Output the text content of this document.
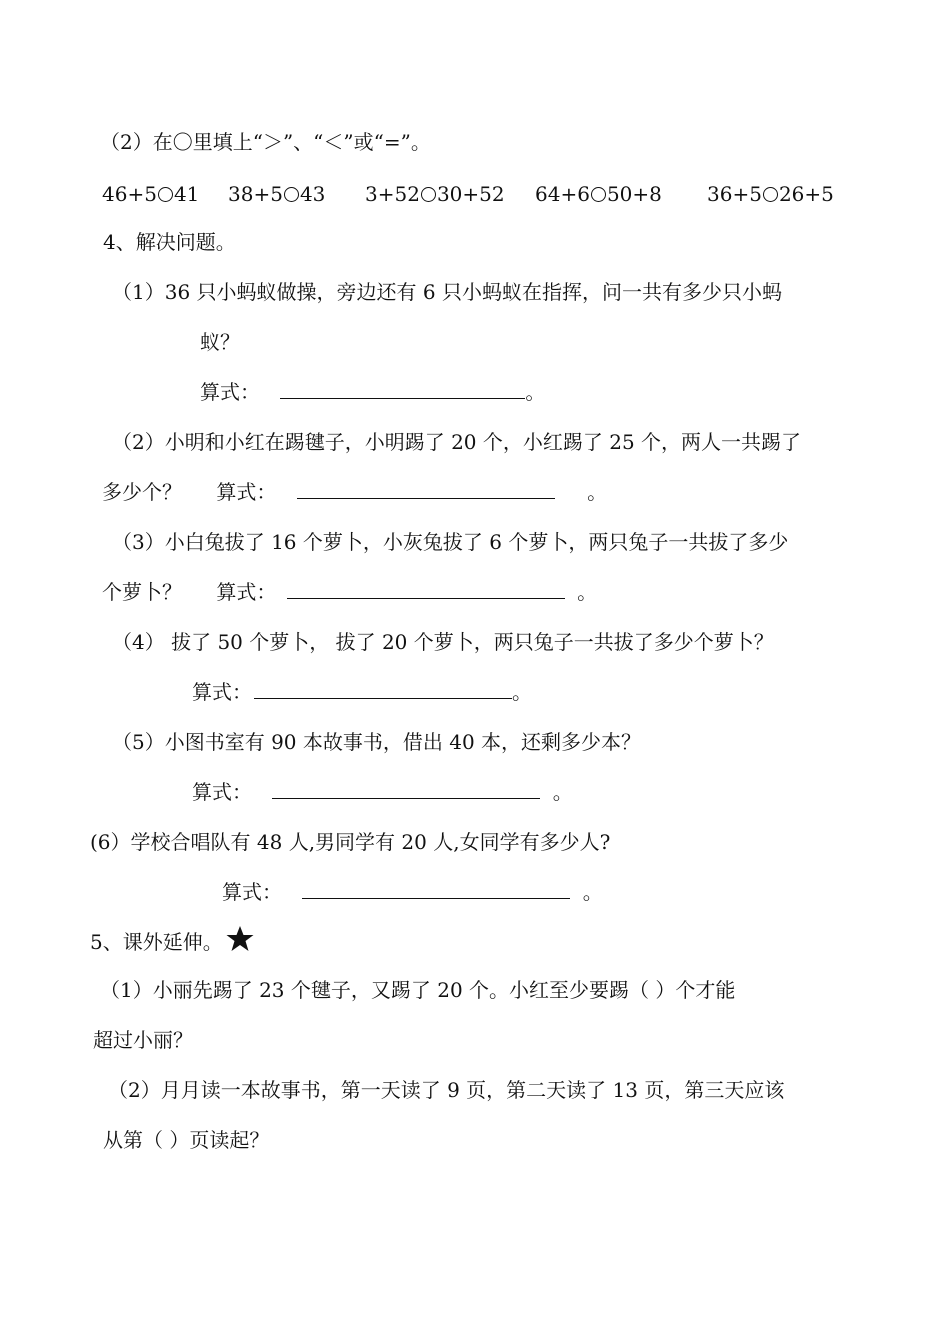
（2）在〇里填上“＞”、“＜”或“=”。
46+5 41 38+5 43 3+52 30+52 64+6 50+8 36+5 26+5
4、解决问题。
（1）36 只小蚂蚁做操，旁边还有 6 只小蚂蚁在指挥，问一共有多少只小蚂
蚁？
算式：	。
（2）小明和小红在踢毽子，小明踢了 20 个，小红踢了 25 个，两人一共踢了
多少个？ 算式：	。
（3）小白兔拔了 16 个萝卜，小灰兔拔了 6 个萝卜，两只兔子一共拔了多少
个萝卜？ 算式：	。
（4） 拔了 50 个萝卜， 拔了 20 个萝卜，两只兔子一共拔了多少个萝卜？
算式：	。
（5）小图书室有 90 本故事书，借出 40 本，还剩多少本？
算式：	。
(6）学校合唱队有 48 人,男同学有 20 人,女同学有多少人?
算式：	。
5、课外延伸。
（1）小丽先踢了 23 个毽子，又踢了 20 个。小红至少要踢（ ）个才能
超过小丽？
（2）月月读一本故事书，第一天读了 9 页，第二天读了 13 页，第三天应该
从第（ ）页读起？
